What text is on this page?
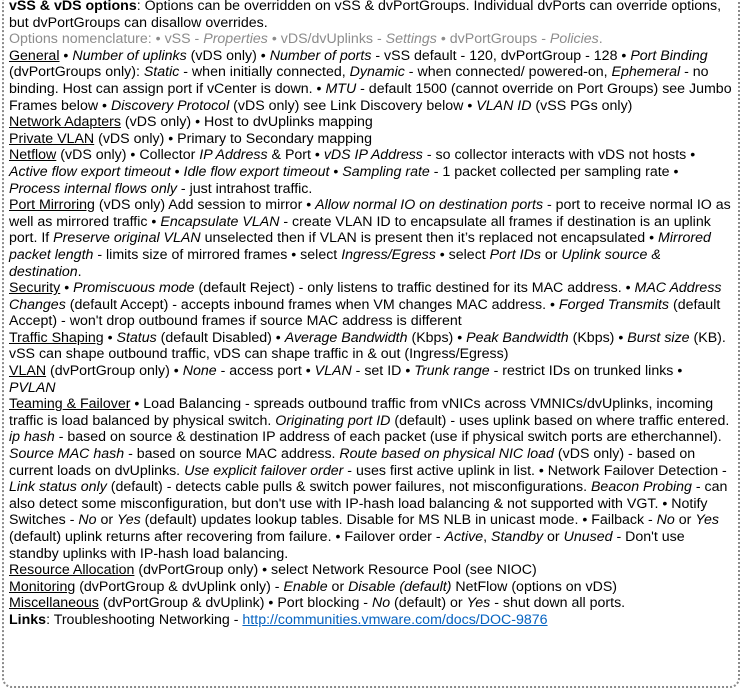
vSS & vDS options: Options can be overridden on vSS & dvPortGroups. Individual dvPorts can override options, but dvPortGroups can disallow overrides.

Options nomenclature: • vSS - Properties • vDS/dvUplinks - Settings • dvPortGroups - Policies.

General • Number of uplinks (vDS only) • Number of ports - vSS default - 120, dvPortGroup - 128 • Port Binding (dvPortGroups only): Static - when initially connected, Dynamic - when connected/ powered-on, Ephemeral - no binding. Host can assign port if vCenter is down. • MTU - default 1500 (cannot override on Port Groups) see Jumbo Frames below • Discovery Protocol (vDS only) see Link Discovery below • VLAN ID (vSS PGs only)

Network Adapters (vDS only) • Host to dvUplinks mapping

Private VLAN (vDS only) • Primary to Secondary mapping

Netflow (vDS only) • Collector IP Address & Port • vDS IP Address - so collector interacts with vDS not hosts • Active flow export timeout • Idle flow export timeout • Sampling rate - 1 packet collected per sampling rate • Process internal flows only - just intrahost traffic.

Port Mirroring (vDS only) Add session to mirror • Allow normal IO on destination ports - port to receive normal IO as well as mirrored traffic • Encapsulate VLAN - create VLAN ID to encapsulate all frames if destination is an uplink port. If Preserve original VLAN unselected then if VLAN is present then it’s replaced not encapsulated • Mirrored packet length - limits size of mirrored frames • select Ingress/Egress • select Port IDs or Uplink source & destination.

Security • Promiscuous mode (default Reject) - only listens to traffic destined for its MAC address. • MAC Address Changes (default Accept) - accepts inbound frames when VM changes MAC address. • Forged Transmits (default Accept) - won't drop outbound frames if source MAC address is different

Traffic Shaping • Status (default Disabled) • Average Bandwidth (Kbps) • Peak Bandwidth (Kbps) • Burst size (KB). vSS can shape outbound traffic, vDS can shape traffic in & out (Ingress/Egress)

VLAN (dvPortGroup only) • None - access port • VLAN - set ID • Trunk range - restrict IDs on trunked links • PVLAN

Teaming & Failover • Load Balancing - spreads outbound traffic from vNICs across VMNICs/dvUplinks, incoming traffic is load balanced by physical switch. Originating port ID (default) - uses uplink based on where traffic entered. ip hash - based on source & destination IP address of each packet (use if physical switch ports are etherchannel). Source MAC hash - based on source MAC address. Route based on physical NIC load (vDS only) - based on current loads on dvUplinks. Use explicit failover order - uses first active uplink in list. • Network Failover Detection - Link status only (default) - detects cable pulls & switch power failures, not misconfigurations. Beacon Probing - can also detect some misconfiguration, but don't use with IP-hash load balancing & not supported with VGT. • Notify Switches - No or Yes (default) updates lookup tables. Disable for MS NLB in unicast mode. • Failback - No or Yes (default) uplink returns after recovering from failure. • Failover order - Active, Standby or Unused - Don't use standby uplinks with IP-hash load balancing.

Resource Allocation (dvPortGroup only) • select Network Resource Pool (see NIOC)

Monitoring (dvPortGroup & dvUplink only) - Enable or Disable (default) NetFlow (options on vDS)

Miscellaneous (dvPortGroup & dvUplink) • Port blocking - No (default) or Yes - shut down all ports.

Links: Troubleshooting Networking - http://communities.vmware.com/docs/DOC-9876
